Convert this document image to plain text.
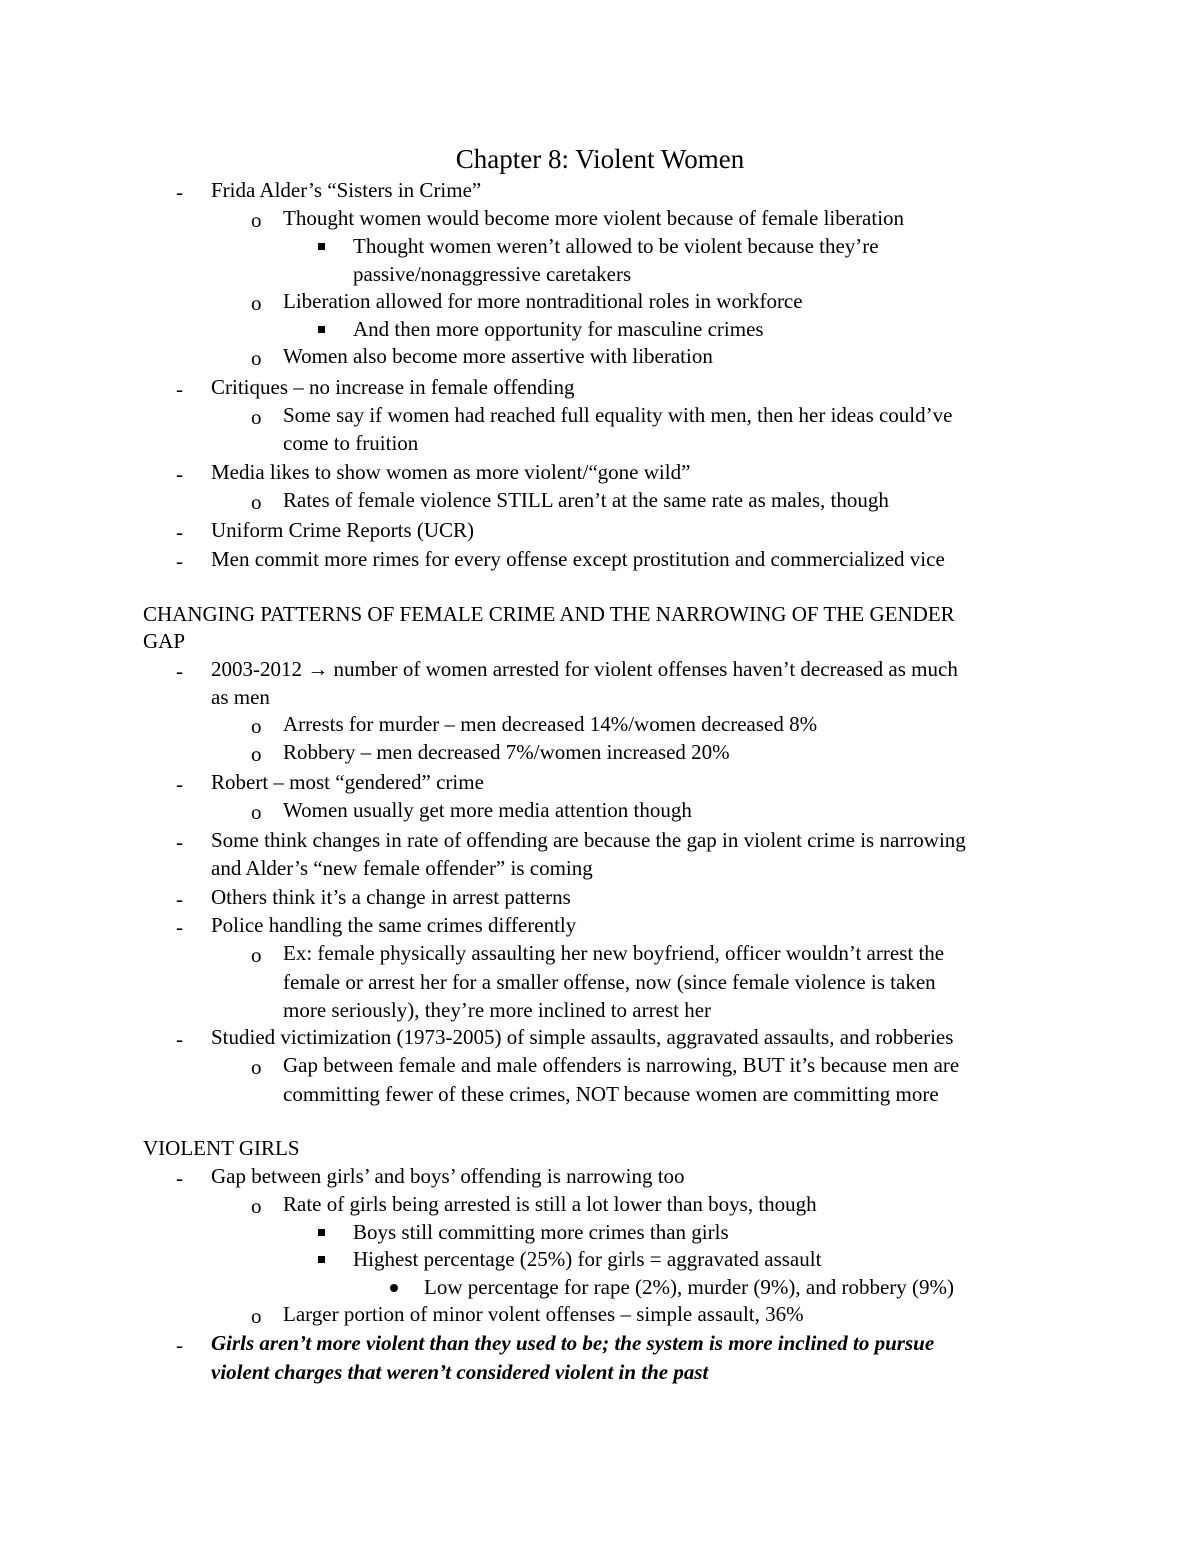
Chapter 8: Violent Women
- Frida Alder’s “Sisters in Crime”
o Thought women would become more violent because of female liberation
Thought women weren’t allowed to be violent because they’re
passive/nonaggressive caretakers
o Liberation allowed for more nontraditional roles in workforce
And then more opportunity for masculine crimes
o Women also become more assertive with liberation
- Critiques – no increase in female offending
o Some say if women had reached full equality with men, then her ideas could’ve
come to fruition
- Media likes to show women as more violent/“gone wild”
o Rates of female violence STILL aren’t at the same rate as males, though
- Uniform Crime Reports (UCR)
- Men commit more rimes for every offense except prostitution and commercialized vice
CHANGING PATTERNS OF FEMALE CRIME AND THE NARROWING OF THE GENDER
GAP
- 2003-2012 → number of women arrested for violent offenses haven’t decreased as much
as men
o Arrests for murder – men decreased 14%/women decreased 8%
o Robbery – men decreased 7%/women increased 20%
- Robert – most “gendered” crime
o Women usually get more media attention though
- Some think changes in rate of offending are because the gap in violent crime is narrowing
and Alder’s “new female offender” is coming
- Others think it’s a change in arrest patterns
- Police handling the same crimes differently
o Ex: female physically assaulting her new boyfriend, officer wouldn’t arrest the
female or arrest her for a smaller offense, now (since female violence is taken
more seriously), they’re more inclined to arrest her
- Studied victimization (1973-2005) of simple assaults, aggravated assaults, and robberies
o Gap between female and male offenders is narrowing, BUT it’s because men are
committing fewer of these crimes, NOT because women are committing more
VIOLENT GIRLS
- Gap between girls’ and boys’ offending is narrowing too
o Rate of girls being arrested is still a lot lower than boys, though
Boys still committing more crimes than girls
Highest percentage (25%) for girls = aggravated assault
Low percentage for rape (2%), murder (9%), and robbery (9%)
o Larger portion of minor volent offenses – simple assault, 36%
- Girls aren’t more violent than they used to be; the system is more inclined to pursue
violent charges that weren’t considered violent in the past
